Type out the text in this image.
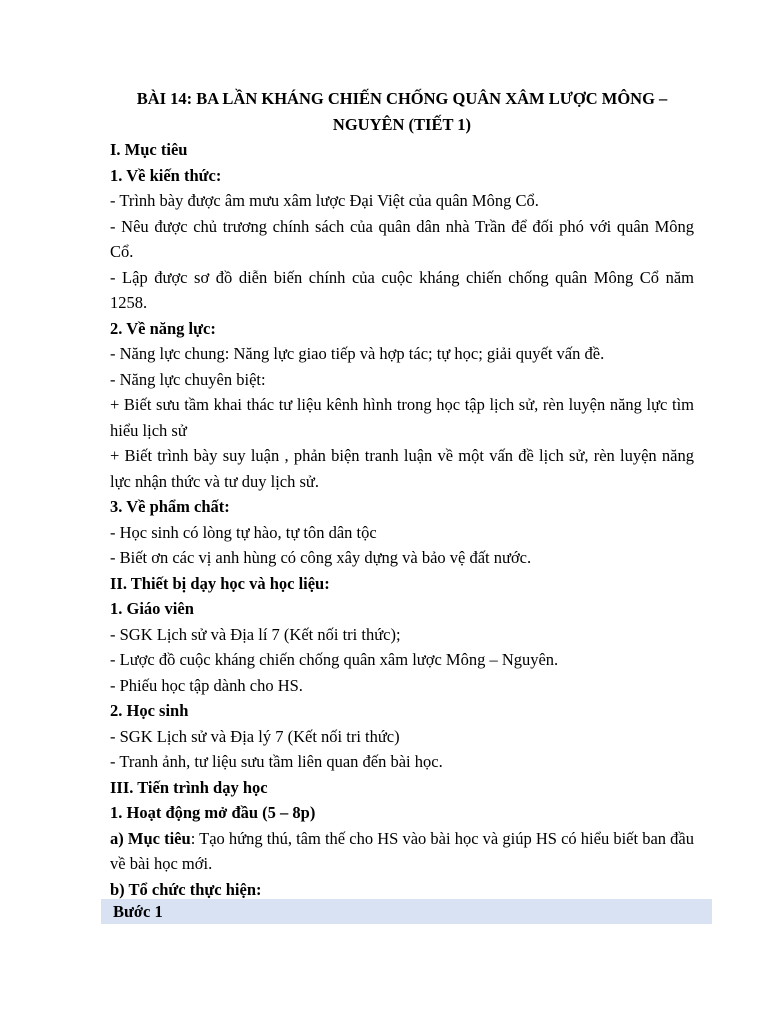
BÀI 14: BA LẦN KHÁNG CHIẾN CHỐNG QUÂN XÂM LƯỢC MÔNG – NGUYÊN (TIẾT 1)

I. Mục tiêu

1. Về kiến thức:

- Trình bày được âm mưu xâm lược Đại Việt của quân Mông Cổ.

- Nêu được chủ trương chính sách của quân dân nhà Trần để đối phó với quân Mông Cổ.

- Lập được sơ đồ diễn biến chính của cuộc kháng chiến chống quân Mông Cổ năm 1258.

2. Về năng lực:

- Năng lực chung: Năng lực giao tiếp và hợp tác; tự học; giải quyết vấn đề.

- Năng lực chuyên biệt:

+ Biết sưu tầm khai thác tư liệu kênh hình trong học tập lịch sử, rèn luyện năng lực tìm hiểu lịch sử

+ Biết trình bày suy luận , phản biện tranh luận về một vấn đề lịch sử, rèn luyện năng lực nhận thức và tư duy lịch sử.

3. Về phẩm chất:

- Học sinh có lòng tự hào, tự tôn dân tộc

- Biết ơn các vị anh hùng có công xây dựng và bảo vệ đất nước.

II. Thiết bị dạy học và học liệu:

1. Giáo viên

- SGK Lịch sử và Địa lí 7 (Kết nối tri thức);

- Lược đồ cuộc kháng chiến chống quân xâm lược Mông – Nguyên.

- Phiếu học tập dành cho HS.

2. Học sinh

- SGK Lịch sử và Địa lý 7 (Kết nối tri thức)

- Tranh ảnh, tư liệu sưu tầm liên quan đến bài học.

III. Tiến trình dạy học

1. Hoạt động mở đầu (5 – 8p)

a) Mục tiêu: Tạo hứng thú, tâm thế cho HS vào bài học và giúp HS có hiểu biết ban đầu về bài học mới.

b) Tổ chức thực hiện:

Bước 1
